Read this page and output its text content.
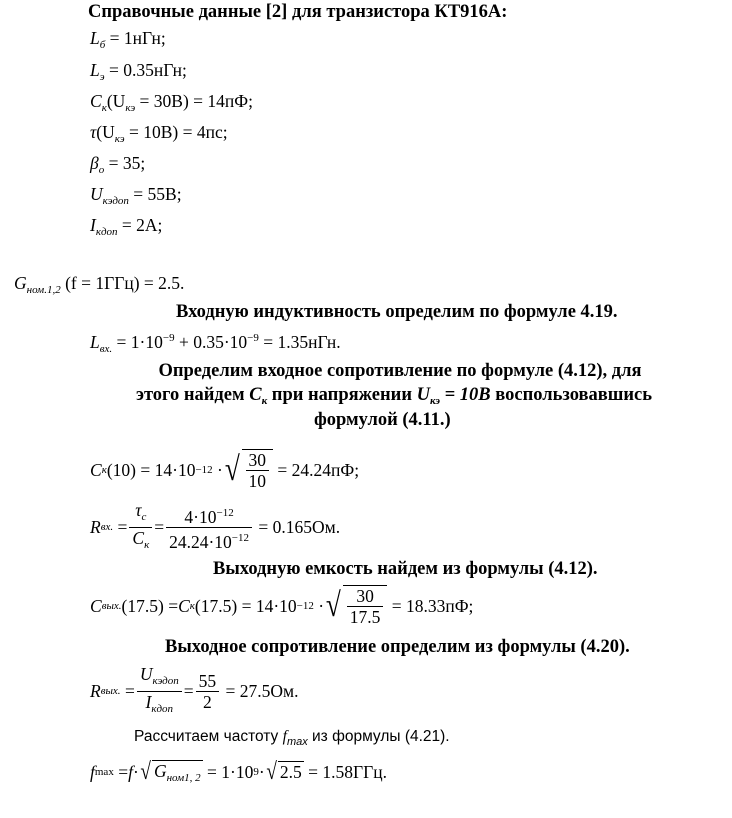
Справочные данные [2] для транзистора КТ916А:
$L_б = 1нГн$;
$L_э = 0.35нГн$;
$C_к(U_{кэ} = 30В) = 14пФ$;
$\tau(U_{кэ} = 10В) = 4пс$;
$\beta_о = 35$;
$U_{кэдоп} = 55В$;
$I_{кдоп} = 2А$;
$G_{ном.1,2}$ (f = 1ГГц) = 2.5.
Входную индуктивность определим по формуле 4.19.
$L_{вх.} = 1\cdot 10^{-9} + 0.35\cdot 10^{-9} = 1.35нГн$.
Определим входное сопротивление по формуле (4.12), для
этого найдем $C_к$ при напряжении $U_{кэ} = 10В$ воспользовавшись
формулой (4.11.)
C к (10) = 14·10 −12
· √ $\frac{30}{10}$
= 24.24пФ;
R вх.
= $\frac{\tau_c}{C_к} = \frac{4\cdot 10^{-12}}{24.24\cdot 10^{-12}}$
= 0.165Ом.
Выходную емкость найдем из формулы (4.12).
C вых. (17.5) = C к (17.5) = 14·10 −12
· √ $\frac{30}{17.5}$
= 18.33пФ;
Выходное сопротивление определим из формулы (4.20).
R вых.
= $\frac{U_{кэдоп}}{I_{кдоп}} = \frac{55}{2}$
= 27.5Ом.
Рассчитаем частоту $f_{max}$ из формулы (4.21).
f max
= f · √ $G_{ном1, 2}$
= 1·10 9 · √ 2.5
= 1.58ГГц.
